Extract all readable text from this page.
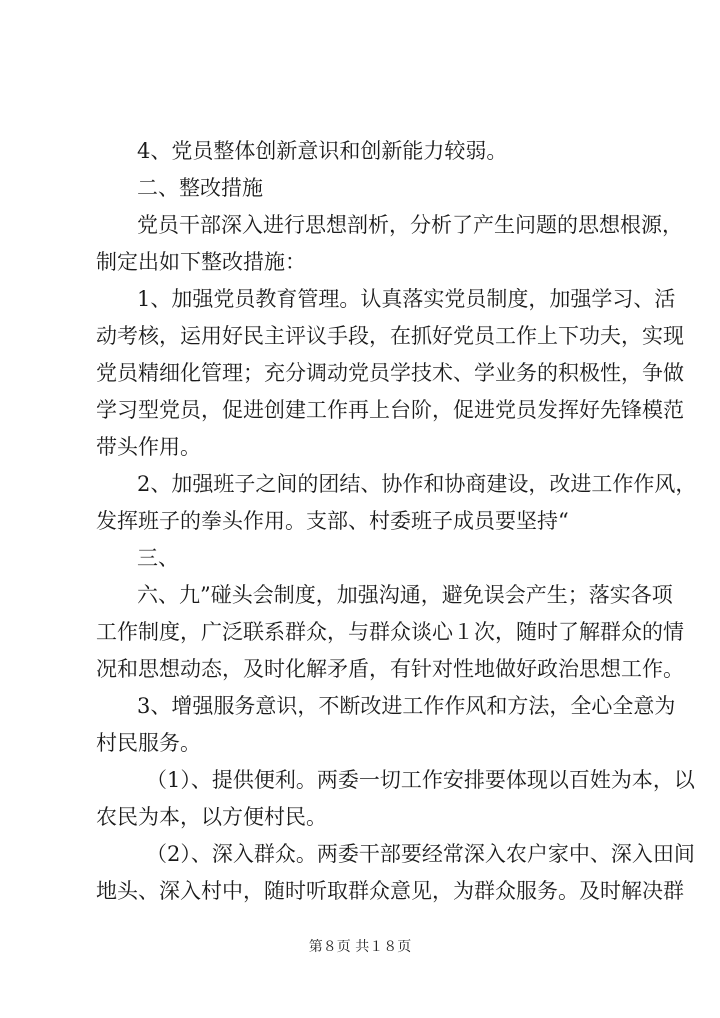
4、党员整体创新意识和创新能力较弱。
二、整改措施
党员干部深入进行思想剖析，分析了产生问题的思想根源，
制定出如下整改措施：
1、加强党员教育管理。认真落实党员制度，加强学习、活
动考核，运用好民主评议手段，在抓好党员工作上下功夫，实现
党员精细化管理；充分调动党员学技术、学业务的积极性，争做
学习型党员，促进创建工作再上台阶，促进党员发挥好先锋模范
带头作用。
2、加强班子之间的团结、协作和协商建设，改进工作作风，
发挥班子的拳头作用。支部、村委班子成员要坚持“
三、
六、九”碰头会制度，加强沟通，避免误会产生；落实各项
工作制度，广泛联系群众，与群众谈心１次，随时了解群众的情
况和思想动态，及时化解矛盾，有针对性地做好政治思想工作。
3、增强服务意识，不断改进工作作风和方法，全心全意为
村民服务。
（1）、提供便利。两委一切工作安排要体现以百姓为本，以
农民为本，以方便村民。
（2）、深入群众。两委干部要经常深入农户家中、深入田间
地头、深入村中，随时听取群众意见，为群众服务。及时解决群
第８页 共１８页
